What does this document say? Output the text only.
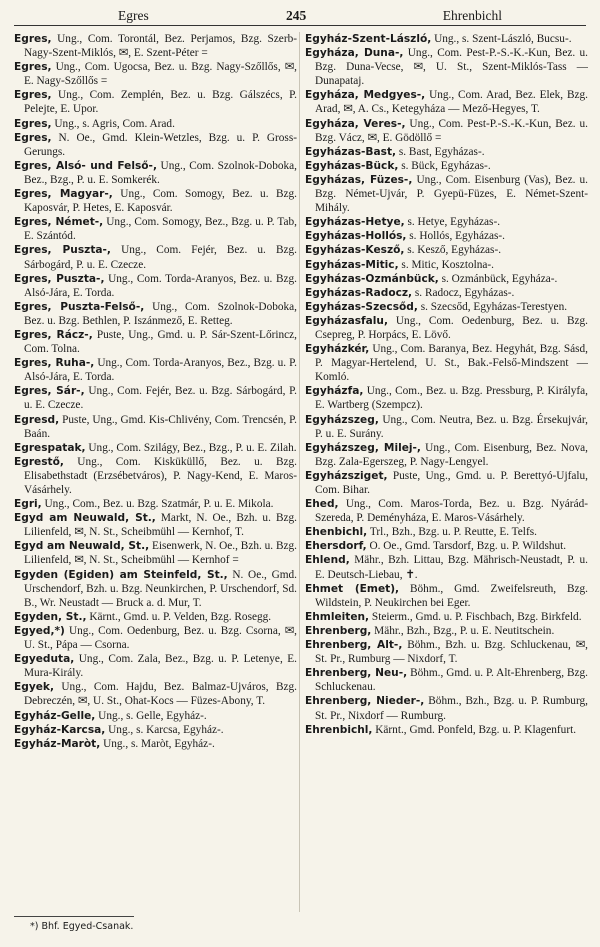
Egres	245	Ehrenbichl
Egres, Ung., Com. Torontál, Bez. Perjamos, Bzg. Szerb-Nagy-Szent-Miklós, ✉, E. Szent-Péter =
Egres, Ung., Com. Ugocsa, Bez. u. Bzg. Nagy-Szőllős, ✉, E. Nagy-Szőllős =
Egres, Ung., Com. Zemplén, Bez. u. Bzg. Gálszécs, P. Pelejte, E. Upor.
Egres, Ung., s. Agris, Com. Arad.
Egres, N. Oe., Gmd. Klein-Wetzles, Bzg. u. P. Gross-Gerungs.
Egres, Alsó- und Felső-, Ung., Com. Szolnok-Doboka, Bez., Bzg., P. u. E. Somkerék.
Egres, Magyar-, Ung., Com. Somogy, Bez. u. Bzg. Kaposvár, P. Hetes, E. Kaposvár.
Egres, Német-, Ung., Com. Somogy, Bez., Bzg. u. P. Tab, E. Szántód.
Egres, Puszta-, Ung., Com. Fejér, Bez. u. Bzg. Sárbogárd, P. u. E. Czecze.
Egres, Puszta-, Ung., Com. Torda-Aranyos, Bez. u. Bzg. Alsó-Jára, E. Torda.
Egres, Puszta-Felső-, Ung., Com. Szolnok-Doboka, Bez. u. Bzg. Bethlen, P. Iszánmező, E. Retteg.
Egres, Rácz-, Puste, Ung., Gmd. u. P. Sár-Szent-Lőrincz, Com. Tolna.
Egres, Ruha-, Ung., Com. Torda-Aranyos, Bez., Bzg. u. P. Alsó-Jára, E. Torda.
Egres, Sár-, Ung., Com. Fejér, Bez. u. Bzg. Sárbogárd, P. u. E. Czecze.
Egresd, Puste, Ung., Gmd. Kis-Chlivény, Com. Trencsén, P. Baán.
Egrespatak, Ung., Com. Szilágy, Bez., Bzg., P. u. E. Zilah.
Egrestő, Ung., Com. Kisküküllő, Bez. u. Bzg. Elisabethstadt (Erzsébetváros), P. Nagy-Kend, E. Maros-Vásárhely.
Egri, Ung., Com., Bez. u. Bzg. Szatmár, P. u. E. Mikola.
Egyd am Neuwald, St., Markt, N. Oe., Bzh. u. Bzg. Lilienfeld, ✉, N. St., Scheibmühl — Kernhof, T.
Egyd am Neuwald, St., Eisenwerk, N. Oe., Bzh. u. Bzg. Lilienfeld, ✉, N. St., Scheibmühl — Kernhof =
Egyden (Egiden) am Steinfeld, St., N. Oe., Gmd. Urschendorf, Bzh. u. Bzg. Neunkirchen, P. Urschendorf, Sd. B., Wr. Neustadt — Bruck a. d. Mur, T.
Egyden, St., Kärnt., Gmd. u. P. Velden, Bzg. Rosegg.
Egyed,*) Ung., Com. Oedenburg, Bez. u. Bzg. Csorna, ✉, U. St., Pápa — Csorna.
Egyeduta, Ung., Com. Zala, Bez., Bzg. u. P. Letenye, E. Mura-Király.
Egyek, Ung., Com. Hajdu, Bez. Balmaz-Ujváros, Bzg. Debreczén, ✉, U. St., Ohat-Kocs — Füzes-Abony, T.
Egyház-Gelle, Ung., s. Gelle, Egyház-.
Egyház-Karcsa, Ung., s. Karcsa, Egyház-.
Egyház-Maròt, Ung., s. Maròt, Egyház-.
Egyház-Szent-László, Ung., s. Szent-László, Bucsu-.
Egyháza, Duna-, Ung., Com. Pest-P.-S.-K.-Kun, Bez. u. Bzg. Duna-Vecse, ✉, U. St., Szent-Miklós-Tass — Dunapataj.
Egyháza, Medgyes-, Ung., Com. Arad, Bez. Elek, Bzg. Arad, ✉, A. Cs., Ketegyháza — Mező-Hegyes, T.
Egyháza, Veres-, Ung., Com. Pest-P.-S.-K.-Kun, Bez. u. Bzg. Vácz, ✉, E. Gödöllő =
Egyházas-Bast, s. Bast, Egyházas-.
Egyházas-Bück, s. Bück, Egyházas-.
Egyházas, Füzes-, Ung., Com. Eisenburg (Vas), Bez. u. Bzg. Német-Ujvár, P. Gyepü-Füzes, E. Német-Szent-Mihály.
Egyházas-Hetye, s. Hetye, Egyházas-.
Egyházas-Hollós, s. Hollós, Egyházas-.
Egyházas-Kesző, s. Kesző, Egyházas-.
Egyházas-Mitic, s. Mitic, Kosztolna-.
Egyházas-Ozmánbück, s. Ozmánbück, Egyháza-.
Egyházas-Radocz, s. Radocz, Egyházas-.
Egyházas-Szecsőd, s. Szecsőd, Egyházas-Terestyen.
Egyházasfalu, Ung., Com. Oedenburg, Bez. u. Bzg. Csepreg, P. Horpács, E. Lövő.
Egyházkér, Ung., Com. Baranya, Bez. Hegyhát, Bzg. Sásd, P. Magyar-Hertelend, U. St., Bak.-Felső-Mindszent — Komló.
Egyházfa, Ung., Com., Bez. u. Bzg. Pressburg, P. Királyfa, E. Wartberg (Szempcz).
Egyházszeg, Ung., Com. Neutra, Bez. u. Bzg. Érsekujvár, P. u. E. Surány.
Egyházszeg, Milej-, Ung., Com. Eisenburg, Bez. Nova, Bzg. Zala-Egerszeg, P. Nagy-Lengyel.
Egyházsziget, Puste, Ung., Gmd. u. P. Berettyó-Ujfalu, Com. Bihar.
Ehed, Ung., Com. Maros-Torda, Bez. u. Bzg. Nyárád-Szereda, P. Deményháza, E. Maros-Vásárhely.
Ehenbichl, Trl., Bzh., Bzg. u. P. Reutte, E. Telfs.
Ehersdorf, O. Oe., Gmd. Tarsdorf, Bzg. u. P. Wildshut.
Ehlend, Mähr., Bzh. Littau, Bzg. Mährisch-Neustadt, P. u. E. Deutsch-Liebau, ✝.
Ehmet (Emet), Böhm., Gmd. Zweifelsreuth, Bzg. Wildstein, P. Neukirchen bei Eger.
Ehmleiten, Steierm., Gmd. u. P. Fischbach, Bzg. Birkfeld.
Ehrenberg, Mähr., Bzh., Bzg., P. u. E. Neutitschein.
Ehrenberg, Alt-, Böhm., Bzh. u. Bzg. Schluckenau, ✉, St. Pr., Rumburg — Nixdorf, T.
Ehrenberg, Neu-, Böhm., Gmd. u. P. Alt-Ehrenberg, Bzg. Schluckenau.
Ehrenberg, Nieder-, Böhm., Bzh., Bzg. u. P. Rumburg, St. Pr., Nixdorf — Rumburg.
Ehrenbichl, Kärnt., Gmd. Ponfeld, Bzg. u. P. Klagenfurt.
*) Bhf. Egyed-Csanak.
